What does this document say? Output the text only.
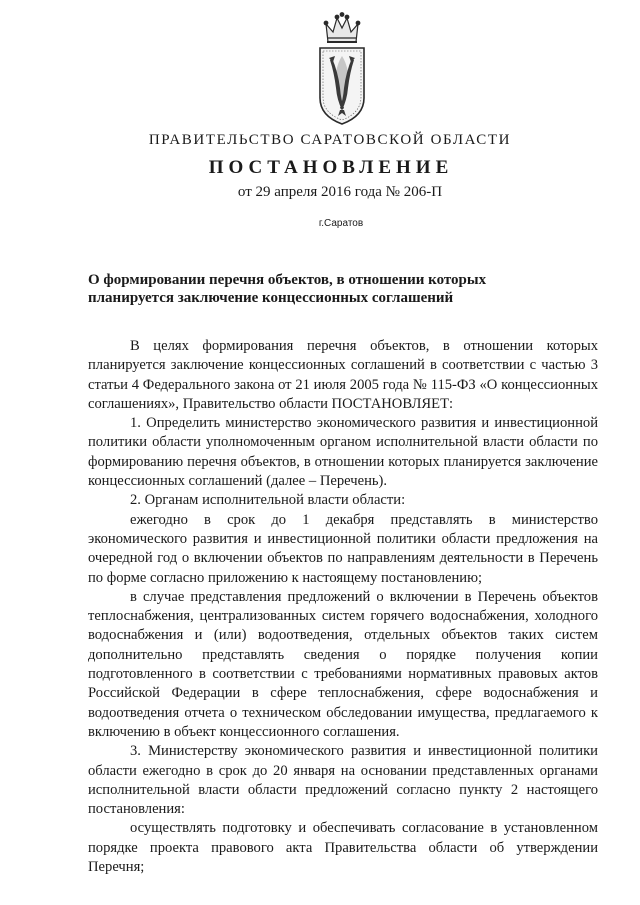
ПРАВИТЕЛЬСТВО САРАТОВСКОЙ ОБЛАСТИ
ПОСТАНОВЛЕНИЕ
от 29 апреля 2016 года № 206-П
г.Саратов
О формировании перечня объектов, в отношении которых
планируется заключение концессионных соглашений

В целях формирования перечня объектов, в отношении которых планируется заключение концессионных соглашений в соответствии с частью 3 статьи 4 Федерального закона от 21 июля 2005 года № 115-ФЗ «О концессионных соглашениях», Правительство области ПОСТАНОВЛЯЕТ:

1. Определить министерство экономического развития и инвестиционной политики области уполномоченным органом исполнительной власти области по формированию перечня объектов, в отношении которых планируется заключение концессионных соглашений (далее – Перечень).

2. Органам исполнительной власти области:

ежегодно в срок до 1 декабря представлять в министерство экономического развития и инвестиционной политики области предложения на очередной год о включении объектов по направлениям деятельности в Перечень по форме согласно приложению к настоящему постановлению;

в случае представления предложений о включении в Перечень объектов теплоснабжения, централизованных систем горячего водоснабжения, холодного водоснабжения и (или) водоотведения, отдельных объектов таких систем дополнительно представлять сведения о порядке получения копии подготовленного в соответствии с требованиями нормативных правовых актов Российской Федерации в сфере теплоснабжения, сфере водоснабжения и водоотведения отчета о техническом обследовании имущества, предлагаемого к включению в объект концессионного соглашения.

3. Министерству экономического развития и инвестиционной политики области ежегодно в срок до 20 января на основании представленных органами исполнительной власти области предложений согласно пункту 2 настоящего постановления:

осуществлять подготовку и обеспечивать согласование в установленном порядке проекта правового акта Правительства области об утверждении Перечня;
